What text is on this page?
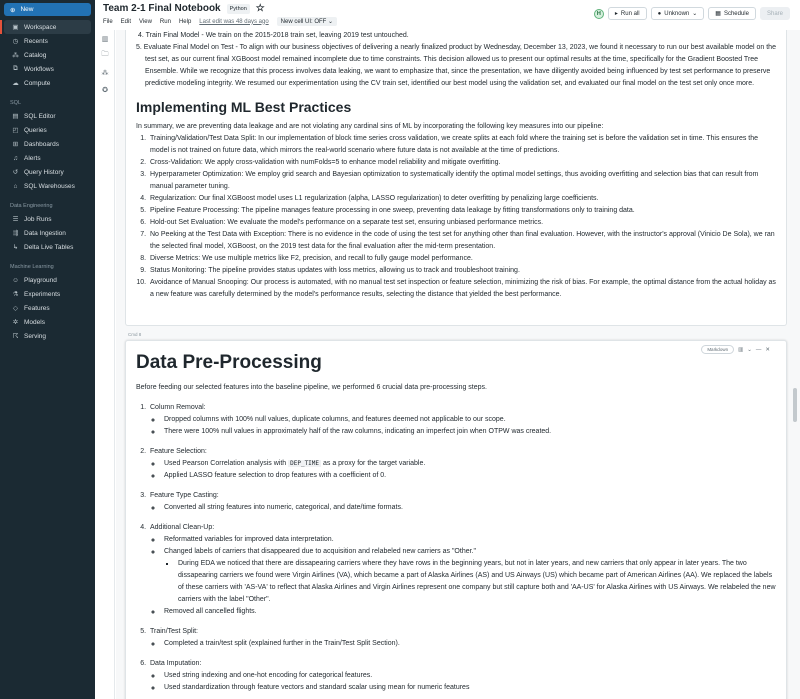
⊕ New
▣ Workspace
◷ Recents
⁂ Catalog
⧉ Workflows
☁ Compute
SQL
▤ SQL Editor
◰ Queries
⊞ Dashboards
♫ Alerts
↺ Query History
⌂ SQL Warehouses
Data Engineering
☰ Job Runs
⇶ Data Ingestion
↳ Delta Live Tables
Machine Learning
☺ Playground
⚗ Experiments
◇ Features
✲ Models
☈ Serving
Team 2-1 Final Notebook	Python ☆
File Edit View Run Help Last edit was 48 days ago	New cell UI: OFF ⌄
H	▸ Run all	● Unknown ⌄	▦ Schedule	Share
▥
🗀
⁂
✪
4. Train Final Model - We train on the 2015-2018 train set, leaving 2019 test untouched.
5. Evaluate Final Model on Test - To align with our business objectives of delivering a nearly finalized product by Wednesday, December 13, 2023, we found it necessary to run our best available model on the test set, as our current final XGBoost model remained incomplete due to time constraints. This decision allowed us to present our optimal results at the time, specifically for the Gradient Boosted Tree Ensemble. While we recognize that this process involves data leaking, we want to emphasize that, since the presentation, we have diligently avoided being influenced by test set performance to preserve predictive modeling integrity. We resumed our experimentation using the CV train set, identified our best model using the validation set, and evaluated our final model on the test set only once more.
Implementing ML Best Practices

In summary, we are preventing data leakage and are not violating any cardinal sins of ML by incorporating the following key measures into our pipeline:

1. Training/Validation/Test Data Split: In our implementation of block time series cross validation, we create splits at each fold where the training set is before the validation set in time. This ensures the model is not trained on future data, which mirrors the real-world scenario where future data is not available at the time of predictions.
2. Cross-Validation: We apply cross-validation with numFolds=5 to enhance model reliability and mitigate overfitting.
3. Hyperparameter Optimization: We employ grid search and Bayesian optimization to systematically identify the optimal model settings, thus avoiding overfitting and selection bias that can result from manual parameter tuning.
4. Regularization: Our final XGBoost model uses L1 regularization (alpha, LASSO regularization) to deter overfitting by penalizing large coefficients.
5. Pipeline Feature Processing: The pipeline manages feature processing in one sweep, preventing data leakage by fitting transformations only to training data.
6. Hold-out Set Evaluation: We evaluate the model's performance on a separate test set, ensuring unbiased performance metrics.
7. No Peeking at the Test Data with Exception: There is no evidence in the code of using the test set for anything other than final evaluation. However, with the instructor's approval (Vinicio De Sola), we ran the selected final model, XGBoost, on the 2019 test data for the final evaluation after the mid-term presentation.
8. Diverse Metrics: We use multiple metrics like F2, precision, and recall to fully gauge model performance.
9. Status Monitoring: The pipeline provides status updates with loss metrics, allowing us to track and troubleshoot training.
10. Avoidance of Manual Snooping: Our process is automated, with no manual test set inspection or feature selection, minimizing the risk of bias. For example, the optimal distance from the actual holiday as a new feature was carefully determined by the model's performance results, selecting the distance that yielded the best performance.
Cmd 8
Markdown	▥ ⌄ — ✕
Data Pre-Processing

Before feeding our selected features into the baseline pipeline, we performed 6 crucial data pre-processing steps.

1. Column Removal:
◦ Dropped columns with 100% null values, duplicate columns, and features deemed not applicable to our scope.
◦ There were 100% null values in approximately half of the raw columns, indicating an imperfect join when OTPW was created.
2. Feature Selection:
◦ Used Pearson Correlation analysis with DEP_TIME as a proxy for the target variable.
◦ Applied LASSO feature selection to drop features with a coefficient of 0.
3. Feature Type Casting:
◦ Converted all string features into numeric, categorical, and date/time formats.
4. Additional Clean-Up:
◦ Reformatted variables for improved data interpretation.
◦ Changed labels of carriers that disappeared due to acquisition and relabeled new carriers as "Other."
▪ During EDA we noticed that there are dissapearing carriers where they have rows in the beginning years, but not in later years, and new carriers that only appear in later years. The two dissapearing carriers we found were Virgin Airlines (VA), which became a part of Alaska Airlines (AS) and US Airways (US) which became part of American Airlines (AA). We replaced the labels of these carriers with 'AS-VA' to reflect that Alaska Airlines and Virgin Airlines represent one company but still capture both and 'AA-US' for Alaska Airlines with US Airways. We relabeled the new carriers with the label "Other".
◦ Removed all cancelled flights.
5. Train/Test Split:
◦ Completed a train/test split (explained further in the Train/Test Split Section).
6. Data Imputation:
◦ Used string indexing and one-hot encoding for categorical features.
◦ Used standardization through feature vectors and standard scalar using mean for numeric features
